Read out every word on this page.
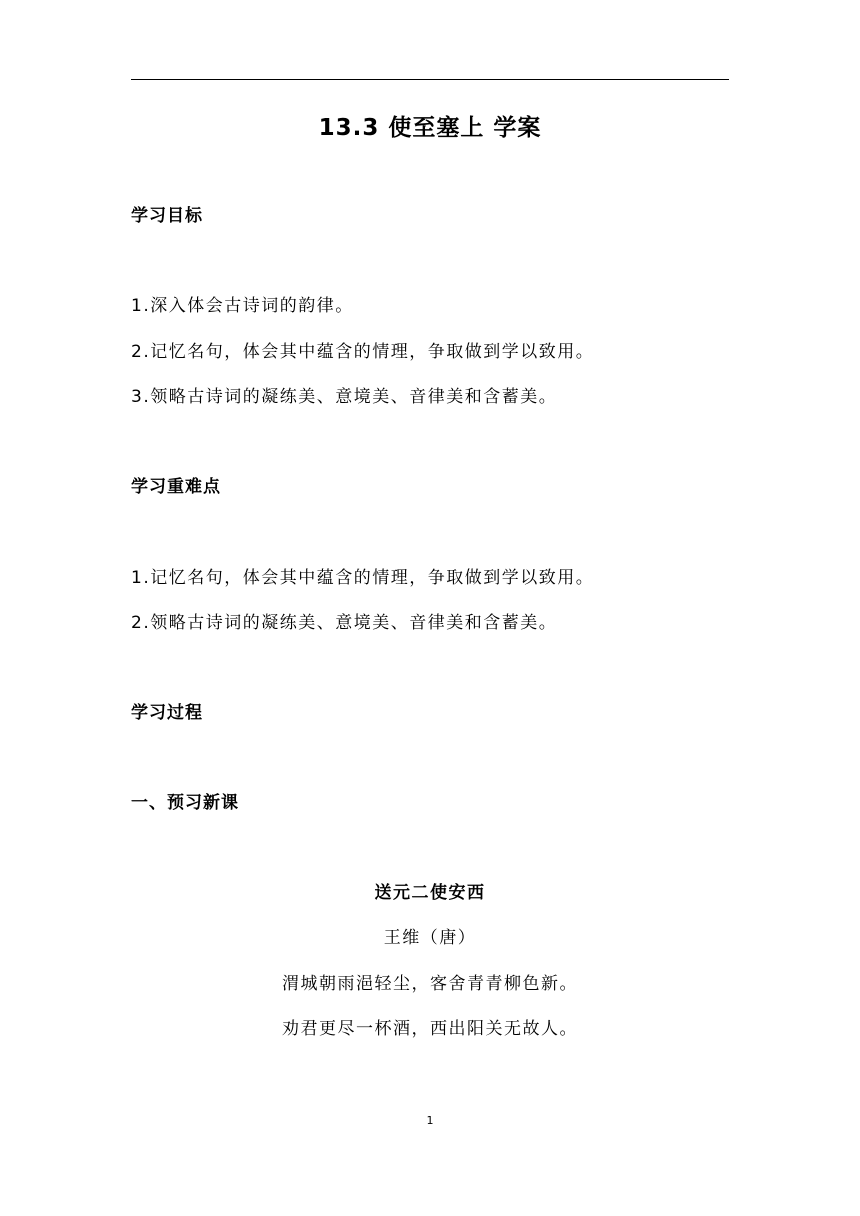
13.3 使至塞上 学案
学习目标
1.深入体会古诗词的韵律。
2.记忆名句，体会其中蕴含的情理，争取做到学以致用。
3.领略古诗词的凝练美、意境美、音律美和含蓄美。
学习重难点
1.记忆名句，体会其中蕴含的情理，争取做到学以致用。
2.领略古诗词的凝练美、意境美、音律美和含蓄美。
学习过程
一、预习新课
送元二使安西
王维（唐）
渭城朝雨浥轻尘，客舍青青柳色新。
劝君更尽一杯酒，西出阳关无故人。
1
